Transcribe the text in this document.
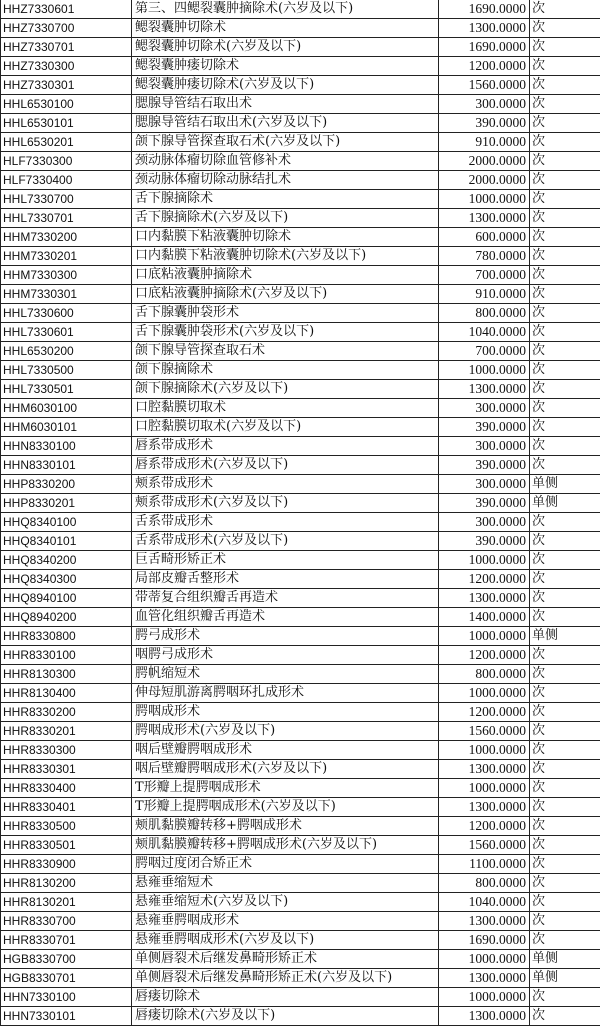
HHZ7330601	第三、四鳃裂囊肿摘除术(六岁及以下)	1690.0000	次
HHZ7330700	鳃裂囊肿切除术	1300.0000	次
HHZ7330701	鳃裂囊肿切除术(六岁及以下)	1690.0000	次
HHZ7330300	鳃裂囊肿瘘切除术	1200.0000	次
HHZ7330301	鳃裂囊肿瘘切除术(六岁及以下)	1560.0000	次
HHL6530100	腮腺导管结石取出术	300.0000	次
HHL6530101	腮腺导管结石取出术(六岁及以下)	390.0000	次
HHL6530201	颌下腺导管探查取石术(六岁及以下)	910.0000	次
HLF7330300	颈动脉体瘤切除血管修补术	2000.0000	次
HLF7330400	颈动脉体瘤切除动脉结扎术	2000.0000	次
HHL7330700	舌下腺摘除术	1000.0000	次
HHL7330701	舌下腺摘除术(六岁及以下)	1300.0000	次
HHM7330200	口内黏膜下粘液囊肿切除术	600.0000	次
HHM7330201	口内黏膜下粘液囊肿切除术(六岁及以下)	780.0000	次
HHM7330300	口底粘液囊肿摘除术	700.0000	次
HHM7330301	口底粘液囊肿摘除术(六岁及以下)	910.0000	次
HHL7330600	舌下腺囊肿袋形术	800.0000	次
HHL7330601	舌下腺囊肿袋形术(六岁及以下)	1040.0000	次
HHL6530200	颌下腺导管探查取石术	700.0000	次
HHL7330500	颌下腺摘除术	1000.0000	次
HHL7330501	颌下腺摘除术(六岁及以下)	1300.0000	次
HHM6030100	口腔黏膜切取术	300.0000	次
HHM6030101	口腔黏膜切取术(六岁及以下)	390.0000	次
HHN8330100	唇系带成形术	300.0000	次
HHN8330101	唇系带成形术(六岁及以下)	390.0000	次
HHP8330200	颊系带成形术	300.0000	单侧
HHP8330201	颊系带成形术(六岁及以下)	390.0000	单侧
HHQ8340100	舌系带成形术	300.0000	次
HHQ8340101	舌系带成形术(六岁及以下)	390.0000	次
HHQ8340200	巨舌畸形矫正术	1000.0000	次
HHQ8340300	局部皮瓣舌整形术	1200.0000	次
HHQ8940100	带蒂复合组织瓣舌再造术	1300.0000	次
HHQ8940200	血管化组织瓣舌再造术	1400.0000	次
HHR8330800	腭弓成形术	1000.0000	单侧
HHR8330100	咽腭弓成形术	1200.0000	次
HHR8130300	腭帆缩短术	800.0000	次
HHR8130400	伸母短肌游离腭咽环扎成形术	1000.0000	次
HHR8330200	腭咽成形术	1200.0000	次
HHR8330201	腭咽成形术(六岁及以下)	1560.0000	次
HHR8330300	咽后壁瓣腭咽成形术	1000.0000	次
HHR8330301	咽后壁瓣腭咽成形术(六岁及以下)	1300.0000	次
HHR8330400	T形瓣上提腭咽成形术	1000.0000	次
HHR8330401	T形瓣上提腭咽成形术(六岁及以下)	1300.0000	次
HHR8330500	颊肌黏膜瓣转移+腭咽成形术	1200.0000	次
HHR8330501	颊肌黏膜瓣转移+腭咽成形术(六岁及以下)	1560.0000	次
HHR8330900	腭咽过度闭合矫正术	1100.0000	次
HHR8130200	悬雍垂缩短术	800.0000	次
HHR8130201	悬雍垂缩短术(六岁及以下)	1040.0000	次
HHR8330700	悬雍垂腭咽成形术	1300.0000	次
HHR8330701	悬雍垂腭咽成形术(六岁及以下)	1690.0000	次
HGB8330700	单侧唇裂术后继发鼻畸形矫正术	1000.0000	单侧
HGB8330701	单侧唇裂术后继发鼻畸形矫正术(六岁及以下)	1300.0000	单侧
HHN7330100	唇瘘切除术	1000.0000	次
HHN7330101	唇瘘切除术(六岁及以下)	1300.0000	次
